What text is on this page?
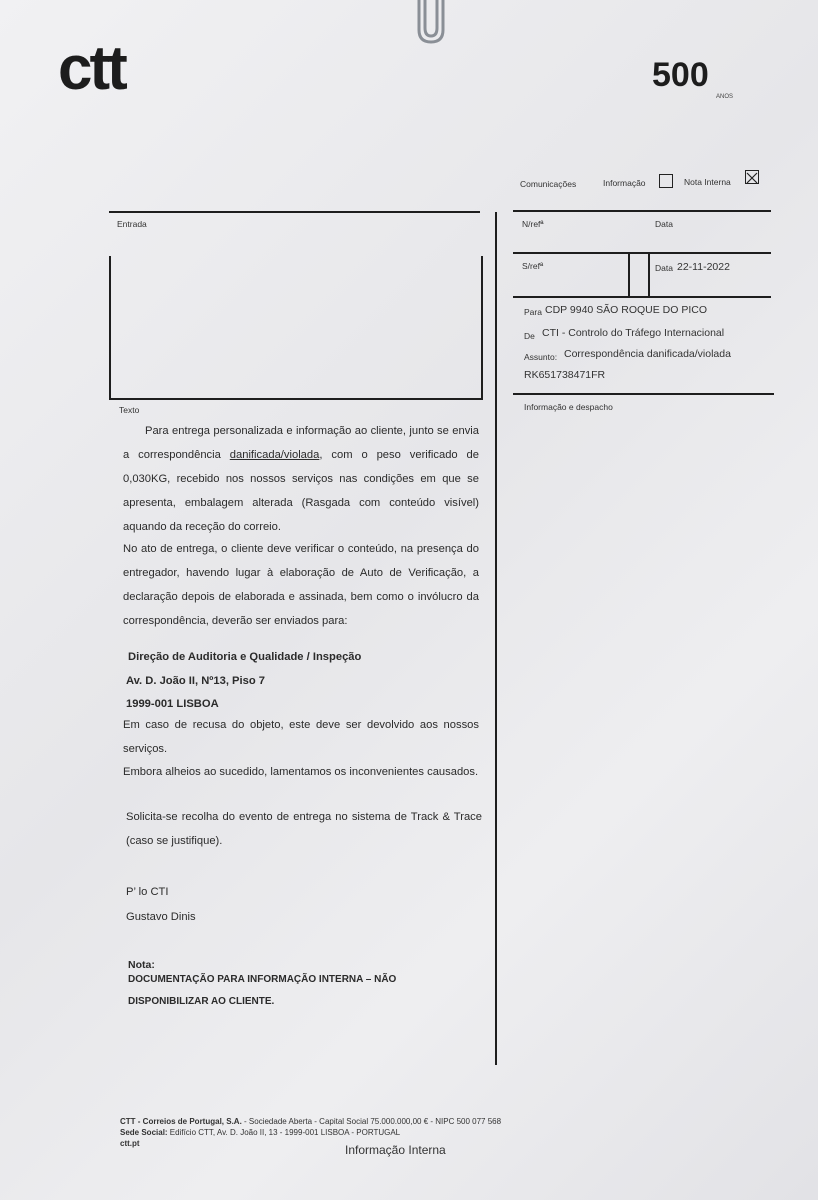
ctt	500
ANOS
Comunicações	Informação	Nota Interna
Entrada
Texto
N/refª	Data
S/refª	Data 22-11-2022
Para CDP 9940 SÃO ROQUE DO PICO
De CTI - Controlo do Tráfego Internacional
Assunto: Correspondência danificada/violada
RK651738471FR
Informação e despacho

Para entrega personalizada e informação ao cliente, junto se envia a correspondência danificada/violada, com o peso verificado de 0,030KG, recebido nos nossos serviços nas condições em que se apresenta, embalagem alterada (Rasgada com conteúdo visível) aquando da receção do correio.

No ato de entrega, o cliente deve verificar o conteúdo, na presença do entregador, havendo lugar à elaboração de Auto de Verificação, a declaração depois de elaborada e assinada, bem como o invólucro da correspondência, deverão ser enviados para:

Direção de Auditoria e Qualidade / Inspeção
Av. D. João II, Nº13, Piso 7
1999-001 LISBOA
Em caso de recusa do objeto, este deve ser devolvido aos nossos serviços.
Embora alheios ao sucedido, lamentamos os inconvenientes causados.
Solicita-se recolha do evento de entrega no sistema de Track & Trace (caso se justifique).
P’ lo CTI
Gustavo Dinis
Nota:
DOCUMENTAÇÃO PARA INFORMAÇÃO INTERNA – NÃO DISPONIBILIZAR AO CLIENTE.
CTT - Correios de Portugal, S.A. - Sociedade Aberta - Capital Social 75.000.000,00 € - NIPC 500 077 568
Sede Social: Edifício CTT, Av. D. João II, 13 - 1999-001 LISBOA - PORTUGAL
ctt.pt	Informação Interna
